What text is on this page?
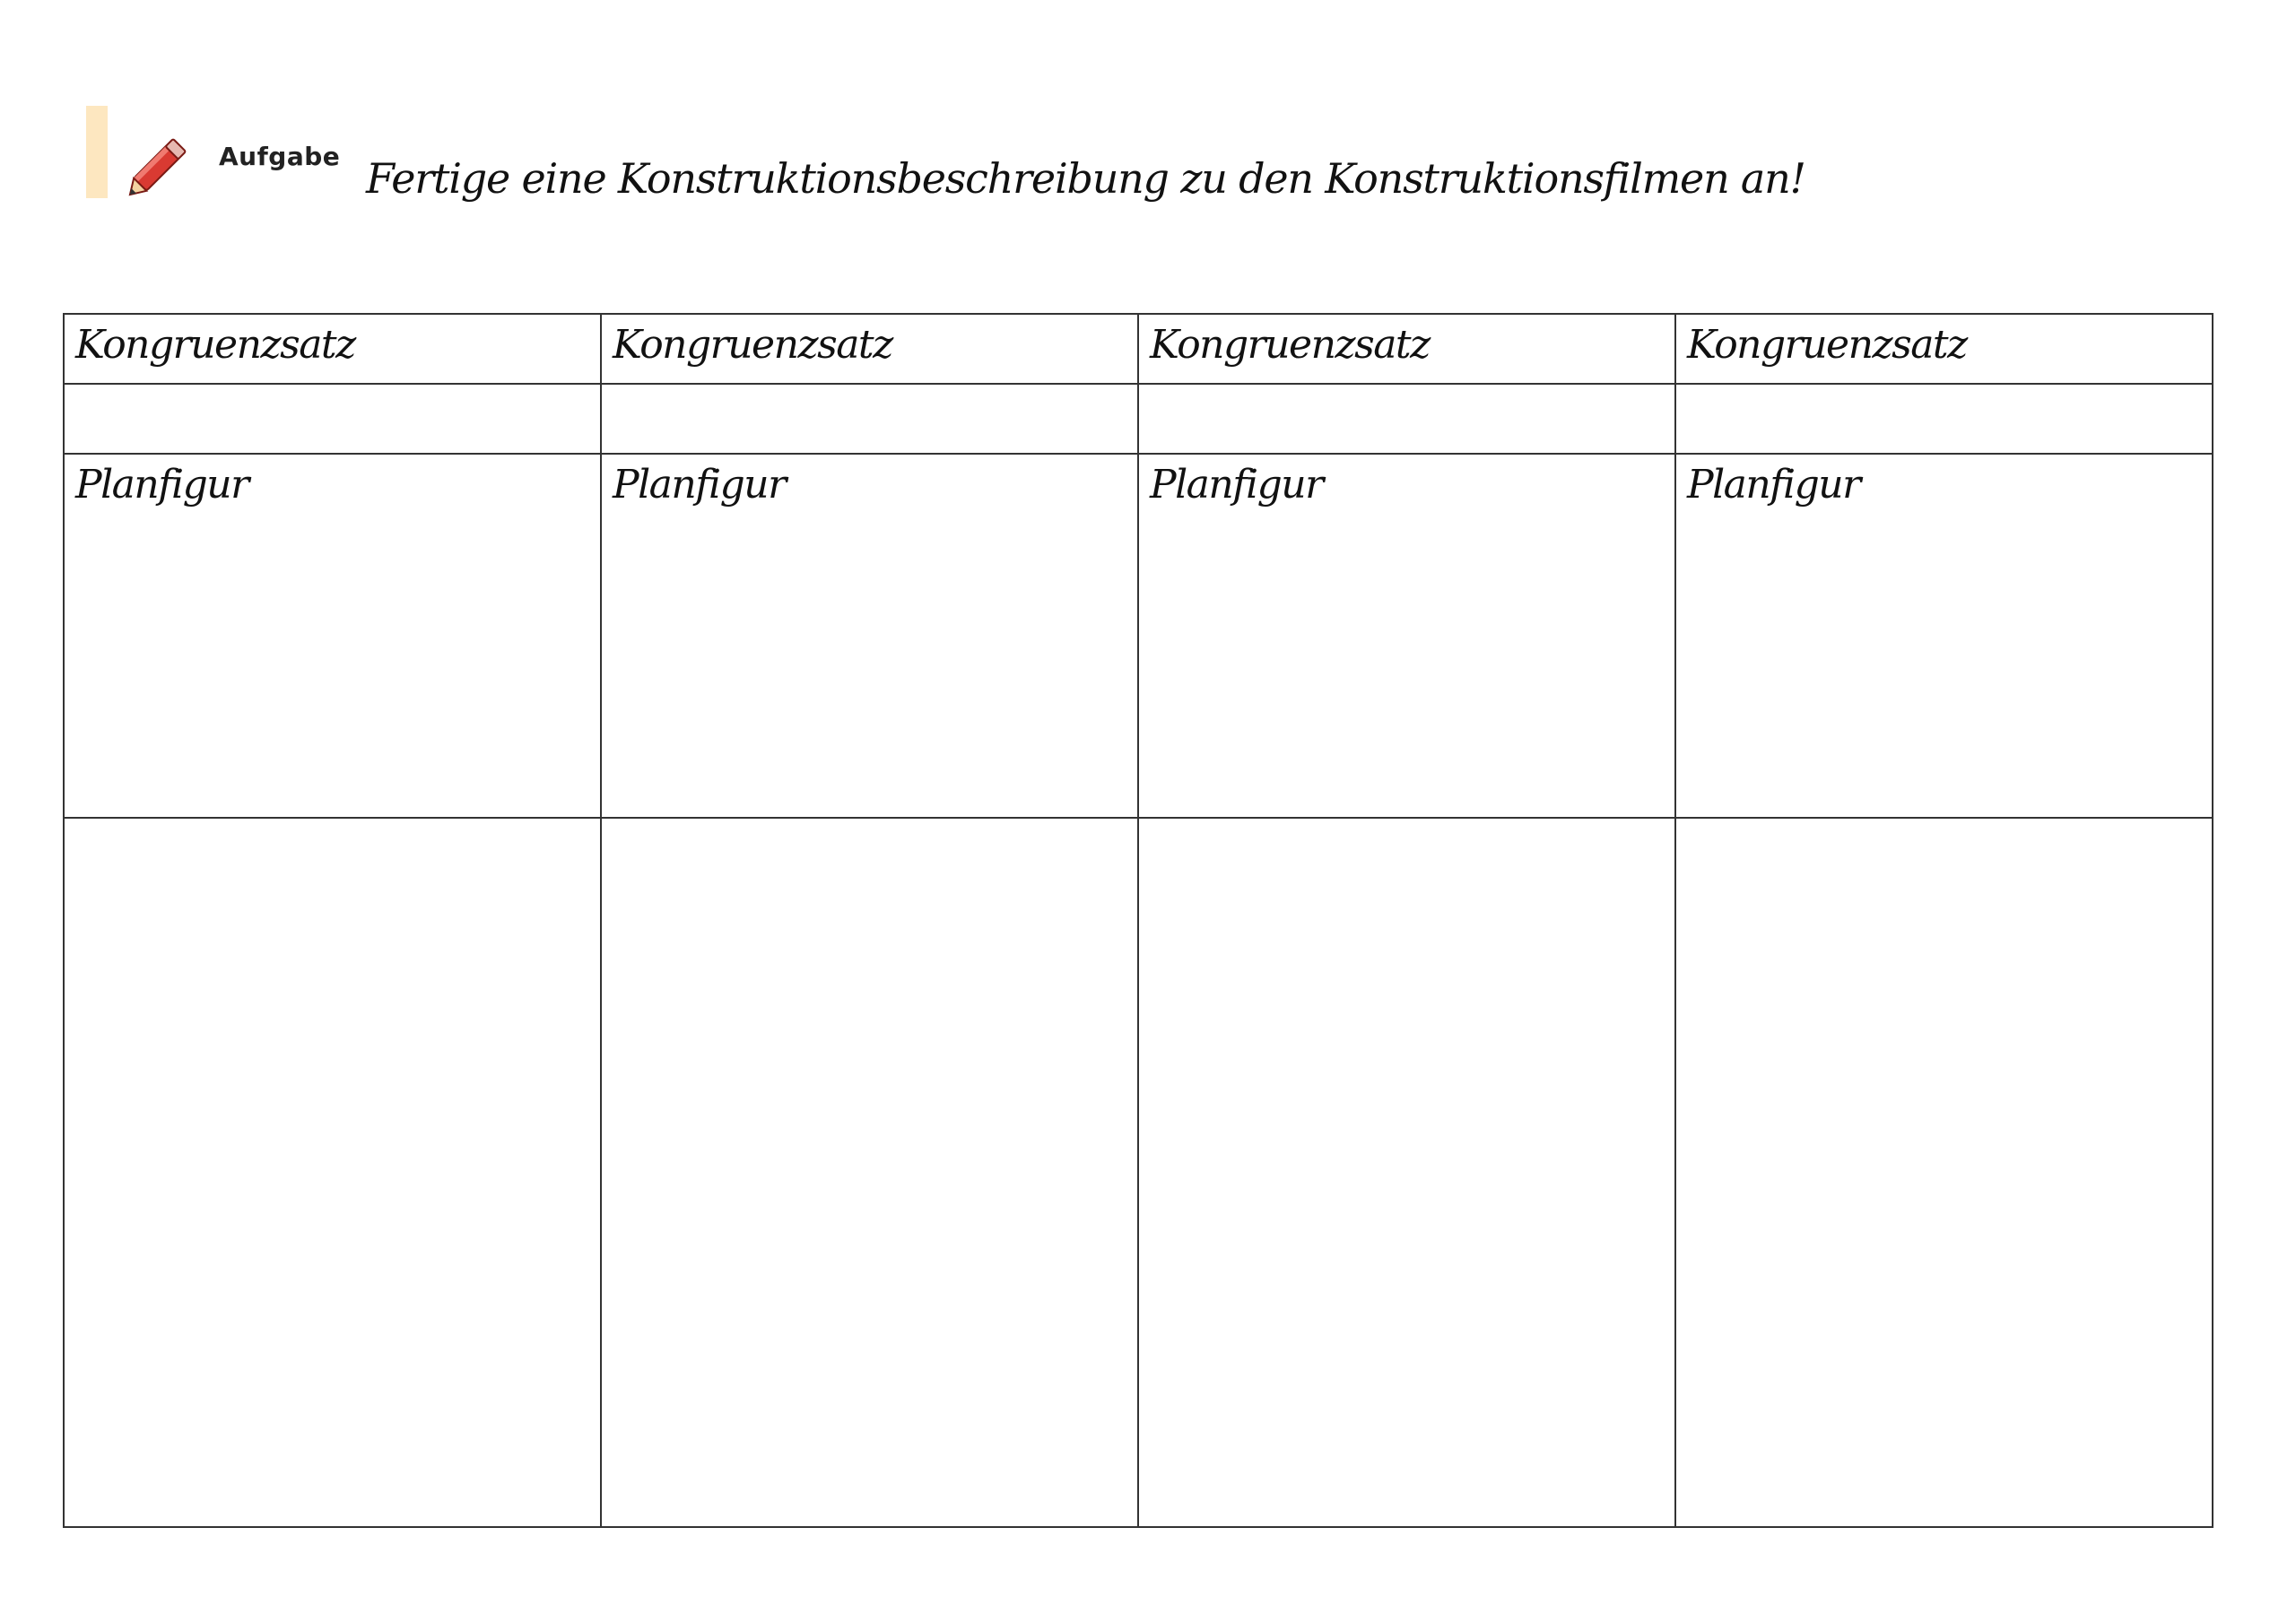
Aufgabe Fertige eine Konstruktionsbeschreibung zu den Konstruktionsfilmen an!
Kongruenzsatz	Kongruenzsatz	Kongruenzsatz	Kongruenzsatz

Planfigur	Planfigur	Planfigur	Planfigur
